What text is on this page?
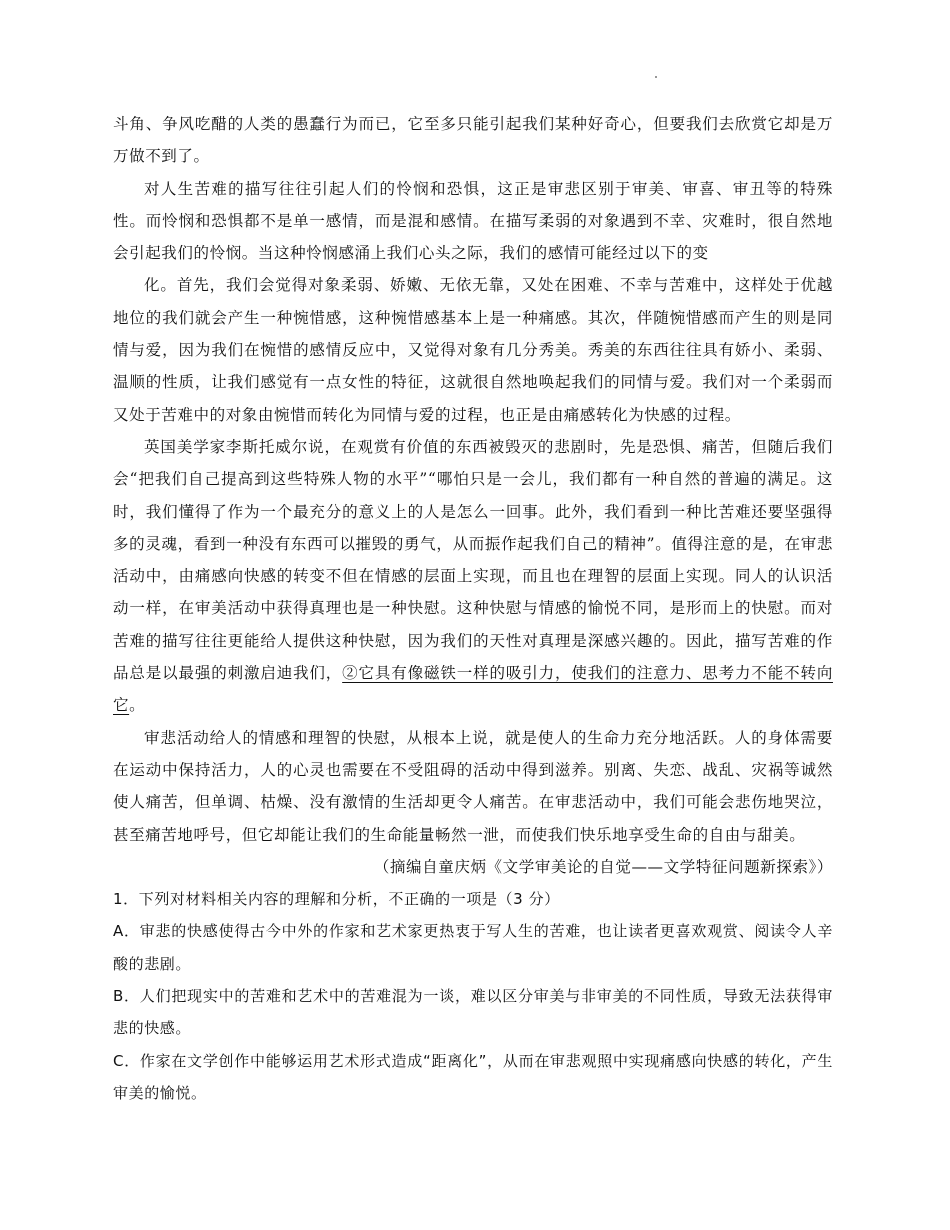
斗角、争风吃醋的人类的愚蠢行为而已，它至多只能引起我们某种好奇心，但要我们去欣赏它却是万万做不到了。

对人生苦难的描写往往引起人们的怜悯和恐惧，这正是审悲区别于审美、审喜、审丑等的特殊性。而怜悯和恐惧都不是单一感情，而是混和感情。在描写柔弱的对象遇到不幸、灾难时，很自然地会引起我们的怜悯。当这种怜悯感涌上我们心头之际，我们的感情可能经过以下的变

化。首先，我们会觉得对象柔弱、娇嫩、无依无靠，又处在困难、不幸与苦难中，这样处于优越地位的我们就会产生一种惋惜感，这种惋惜感基本上是一种痛感。其次，伴随惋惜感而产生的则是同情与爱，因为我们在惋惜的感情反应中，又觉得对象有几分秀美。秀美的东西往往具有娇小、柔弱、温顺的性质，让我们感觉有一点女性的特征，这就很自然地唤起我们的同情与爱。我们对一个柔弱而又处于苦难中的对象由惋惜而转化为同情与爱的过程，也正是由痛感转化为快感的过程。

英国美学家李斯托威尔说，在观赏有价值的东西被毁灭的悲剧时，先是恐惧、痛苦，但随后我们会“把我们自己提高到这些特殊人物的水平”“哪怕只是一会儿，我们都有一种自然的普遍的满足。这时，我们懂得了作为一个最充分的意义上的人是怎么一回事。此外，我们看到一种比苦难还要坚强得多的灵魂，看到一种没有东西可以摧毁的勇气，从而振作起我们自己的精神”。值得注意的是，在审悲活动中，由痛感向快感的转变不但在情感的层面上实现，而且也在理智的层面上实现。同人的认识活动一样，在审美活动中获得真理也是一种快慰。这种快慰与情感的愉悦不同，是形而上的快慰。而对苦难的描写往往更能给人提供这种快慰，因为我们的天性对真理是深感兴趣的。因此，描写苦难的作品总是以最强的刺激启迪我们，②它具有像磁铁一样的吸引力，使我们的注意力、思考力不能不转向它。

审悲活动给人的情感和理智的快慰，从根本上说，就是使人的生命力充分地活跃。人的身体需要在运动中保持活力，人的心灵也需要在不受阻碍的活动中得到滋养。别离、失恋、战乱、灾祸等诚然使人痛苦，但单调、枯燥、没有激情的生活却更令人痛苦。在审悲活动中，我们可能会悲伤地哭泣，甚至痛苦地呼号，但它却能让我们的生命能量畅然一泄，而使我们快乐地享受生命的自由与甜美。

（摘编自童庆炳《文学审美论的自觉——文学特征问题新探索》）

1．下列对材料相关内容的理解和分析，不正确的一项是（3 分）

A．审悲的快感使得古今中外的作家和艺术家更热衷于写人生的苦难，也让读者更喜欢观赏、阅读令人辛酸的悲剧。

B．人们把现实中的苦难和艺术中的苦难混为一谈，难以区分审美与非审美的不同性质，导致无法获得审悲的快感。

C．作家在文学创作中能够运用艺术形式造成“距离化”，从而在审悲观照中实现痛感向快感的转化，产生审美的愉悦。
